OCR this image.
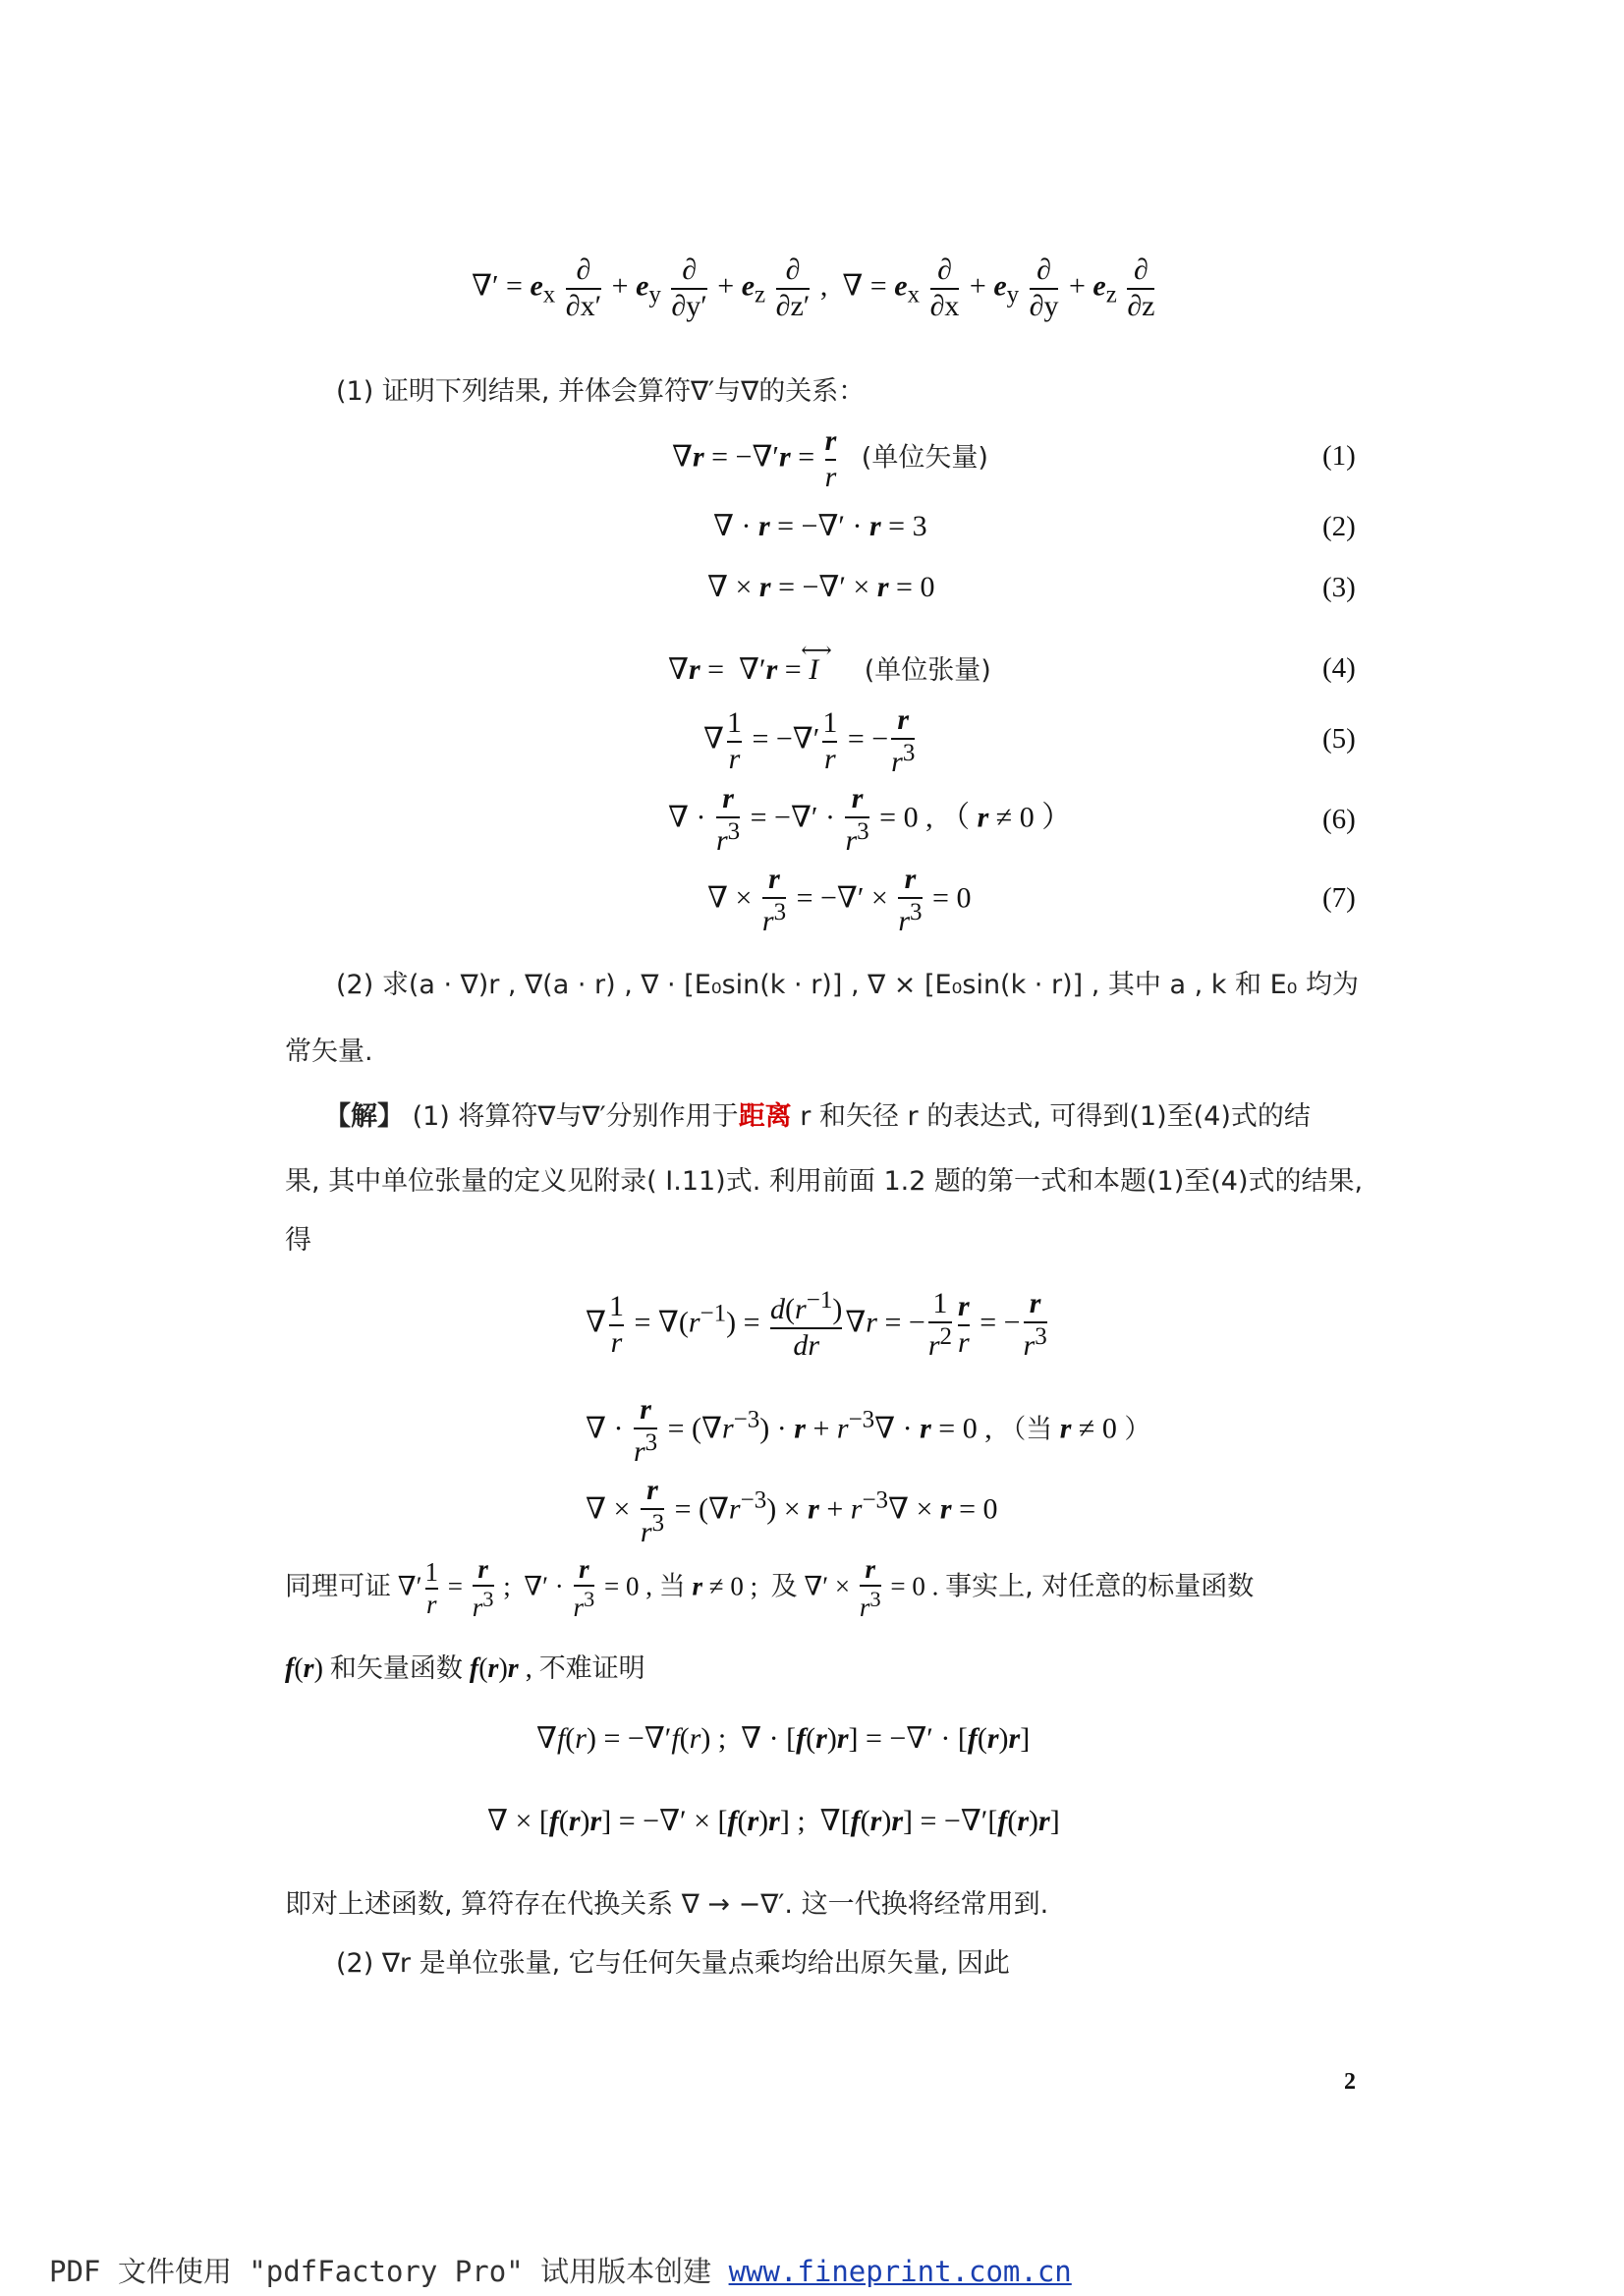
∇′ = $e_x \frac{\partial}{\partial x'} + e_y \frac{\partial}{\partial y'} + e_z \frac{\partial}{\partial z'}$ ,  ∇ = $e_x \frac{\partial}{\partial x} + e_y \frac{\partial}{\partial y} + e_z \frac{\partial}{\partial z}$
(1) 证明下列结果, 并体会算符∇′与∇的关系：
$\nabla r = -\nabla'r = \frac{r}{r}$ (单位矢量)	(1)
∇ · r = −∇′ · r = 3	(2)
∇ × r = −∇′ × r = 0	(3)
∇r =  ∇′r = I⟷  (单位张量)	(4)
∇ $\frac{1}{r}$ = −∇′ $\frac{1}{r}$ = − $\frac{r}{r^3}$	(5)
∇ · $\frac{r}{r^3}$ = −∇′ · $\frac{r}{r^3} = 0$ , （ r ≠ 0 ）	(6)
∇ × $\frac{r}{r^3}$ = −∇′ × $\frac{r}{r^3} = 0$	(7)
(2) 求(a · ∇)r , ∇(a · r) , ∇ · [E₀sin(k · r)] , ∇ × [E₀sin(k · r)] , 其中 a , k 和 E₀ 均为
常矢量.
【解】 (1) 将算符∇与∇′分别作用于距离 r 和矢径 r 的表达式, 可得到(1)至(4)式的结
果, 其中单位张量的定义见附录( Ⅰ.11)式. 利用前面 1.2 题的第一式和本题(1)至(4)式的结果,
得
∇ $\frac{1}{r} = \nabla(r^{-1}) = \frac{d(r^{-1})}{dr} \nabla r$ = − $\frac{1}{r^2} \frac{r}{r}$ = − $\frac{r}{r^3}$
∇ · $\frac{r}{r^3} = (\nabla r^{-3}) \cdot r + r^{-3}\nabla \cdot r = 0$ , （当 r ≠ 0 ）
∇ × $\frac{r}{r^3} = (\nabla r^{-3}) \times r + r^{-3}\nabla \times r = 0$
同理可证 ∇′ $\frac{1}{r} = \frac{r}{r^3}$ ;  ∇′ · $\frac{r}{r^3} = 0$ , 当 r ≠ 0 ;  及 ∇′ × $\frac{r}{r^3} = 0$ . 事实上, 对任意的标量函数
f(r) 和矢量函数 f(r)r , 不难证明
∇f(r) = −∇′f(r) ;  ∇ · [f(r)r] = −∇′ · [f(r)r]
∇ × [f(r)r] = −∇′ × [f(r)r] ;  ∇[f(r)r] = −∇′[f(r)r]
即对上述函数, 算符存在代换关系 ∇ → −∇′. 这一代换将经常用到.
(2) ∇r 是单位张量, 它与任何矢量点乘均给出原矢量, 因此
2
PDF 文件使用 "pdfFactory Pro" 试用版本创建 www.fineprint.com.cn
